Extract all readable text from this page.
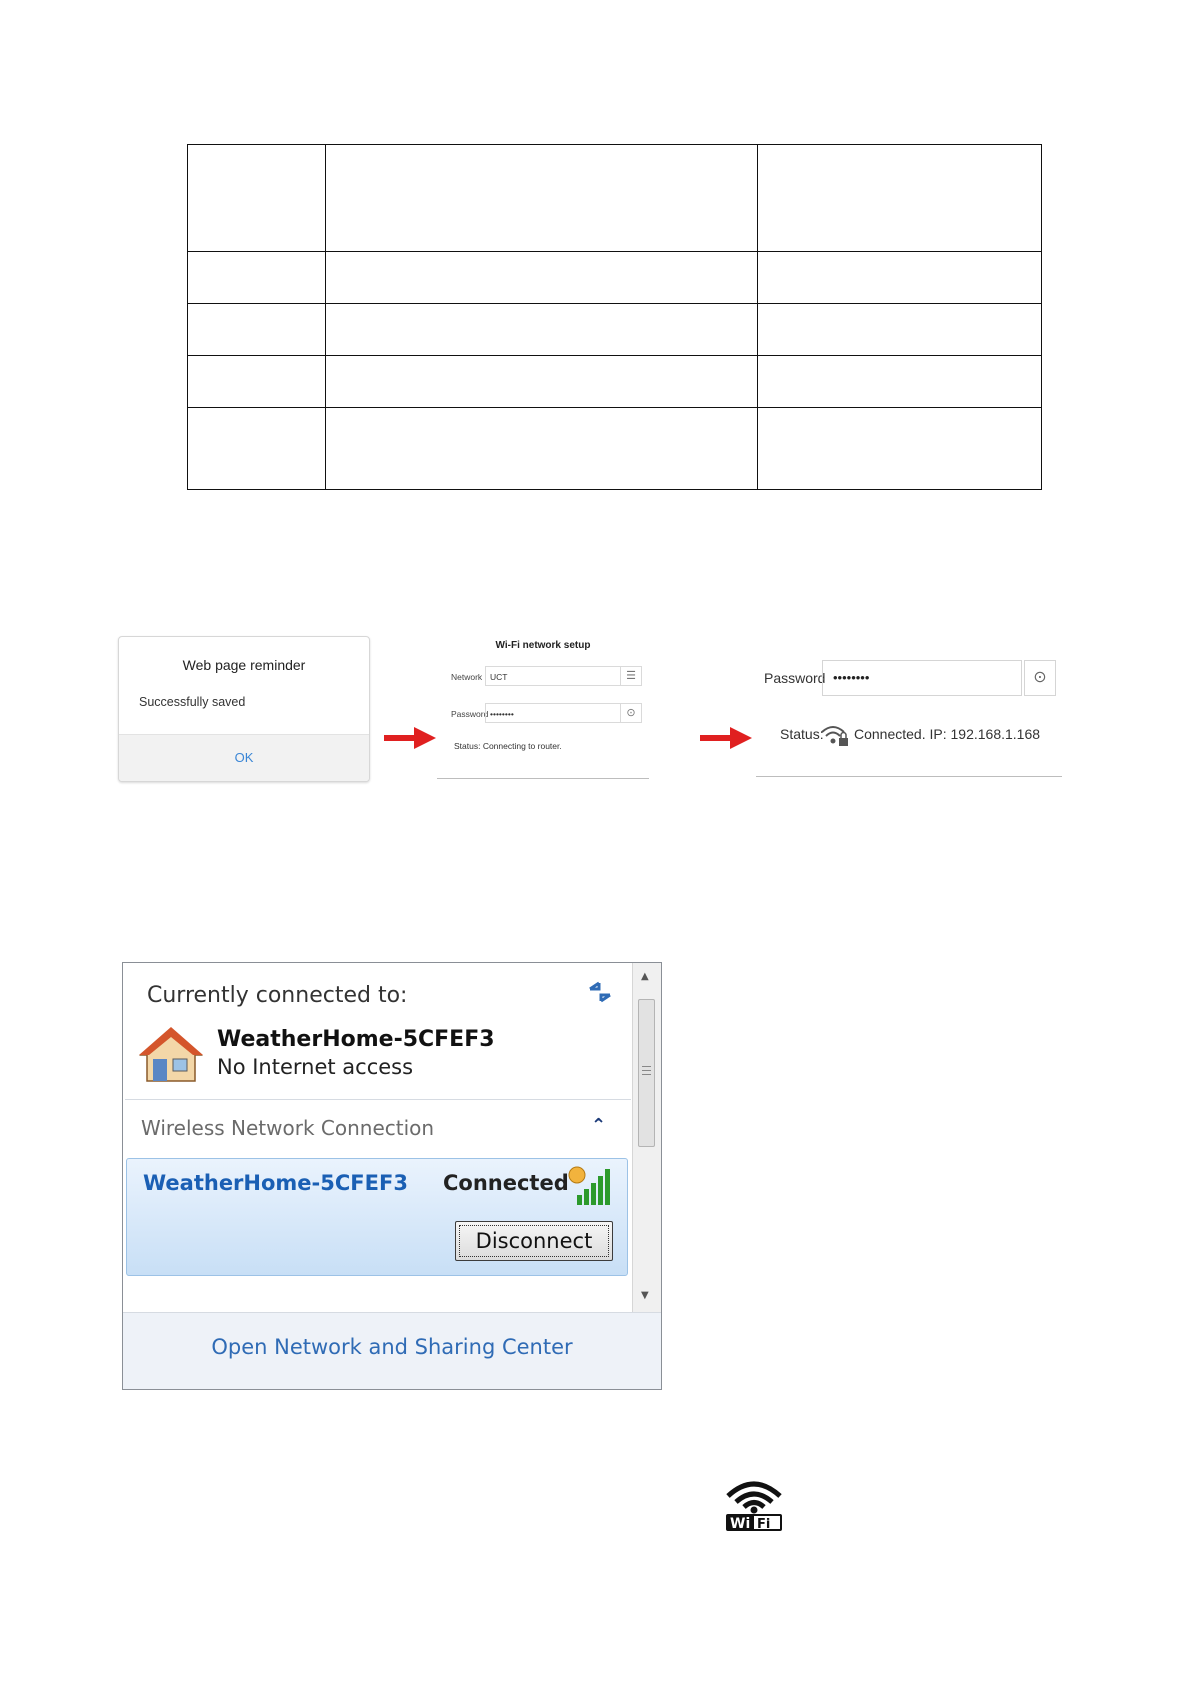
Web page reminder
Successfully saved
OK
Wi-Fi network setup
Network UCT	☰
Password ••••••••	⊙
Status: Connecting to router.
Password ••••••••	⊙
Status: Connected. IP: 192.168.1.168
Currently connected to:
WeatherHome-5CFEF3
No Internet access
Wireless Network Connection	⌃
WeatherHome-5CFEF3 Connected
Disconnect
▲
▼
Open Network and Sharing Center
Wi Fi
